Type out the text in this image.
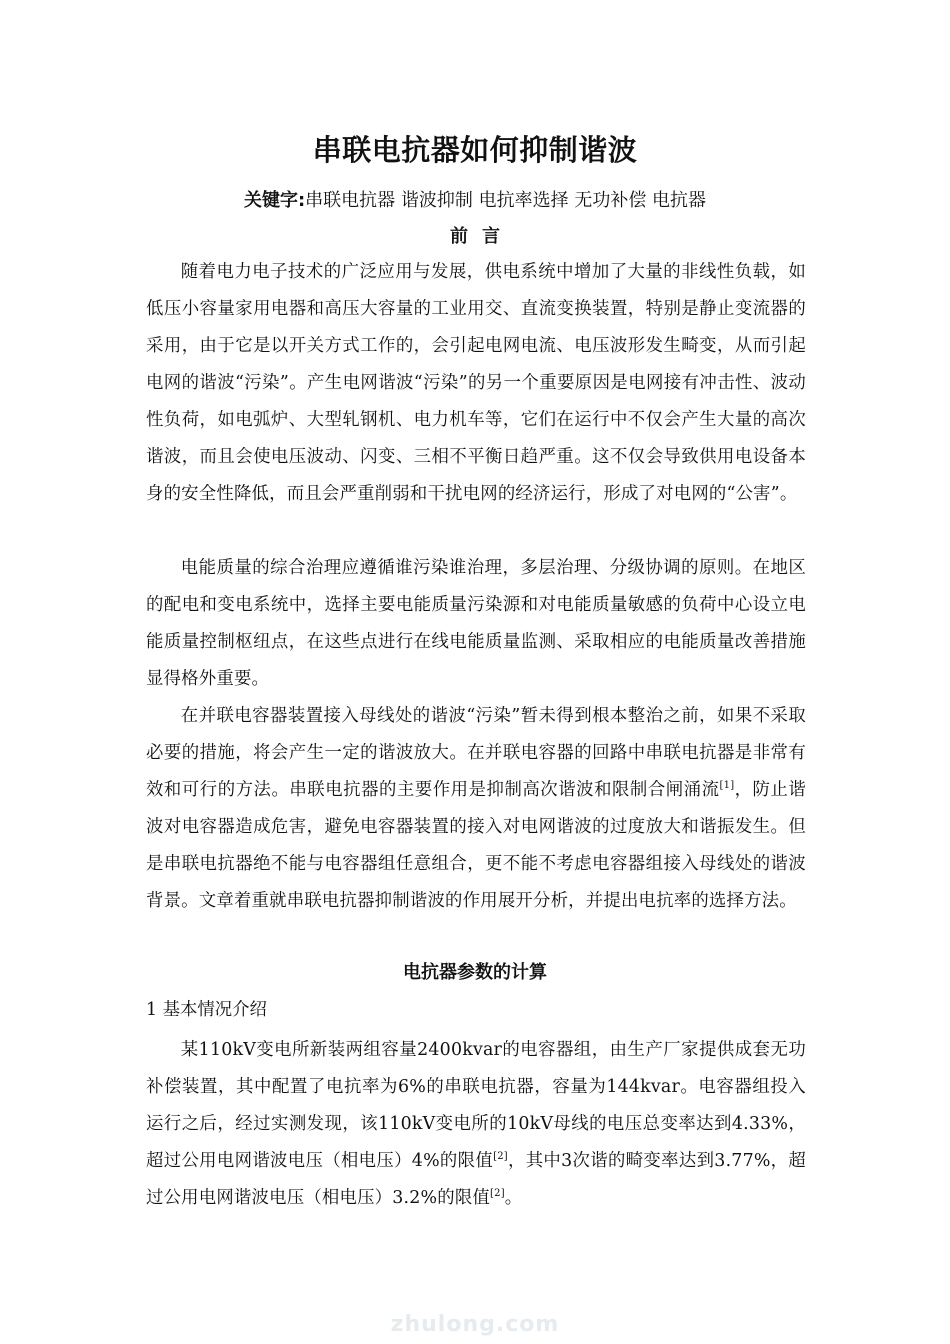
串联电抗器如何抑制谐波
关键字:串联电抗器 谐波抑制 电抗率选择 无功补偿 电抗器
前言

随着电力电子技术的广泛应用与发展，供电系统中增加了大量的非线性负载，如低压小容量家用电器和高压大容量的工业用交、直流变换装置，特别是静止变流器的采用，由于它是以开关方式工作的，会引起电网电流、电压波形发生畸变，从而引起电网的谐波“污染”。产生电网谐波“污染”的另一个重要原因是电网接有冲击性、波动性负荷，如电弧炉、大型轧钢机、电力机车等，它们在运行中不仅会产生大量的高次谐波，而且会使电压波动、闪变、三相不平衡日趋严重。这不仅会导致供用电设备本身的安全性降低，而且会严重削弱和干扰电网的经济运行，形成了对电网的“公害”。

电能质量的综合治理应遵循谁污染谁治理，多层治理、分级协调的原则。在地区的配电和变电系统中，选择主要电能质量污染源和对电能质量敏感的负荷中心设立电能质量控制枢纽点，在这些点进行在线电能质量监测、采取相应的电能质量改善措施显得格外重要。

在并联电容器装置接入母线处的谐波“污染”暂未得到根本整治之前，如果不采取必要的措施，将会产生一定的谐波放大。在并联电容器的回路中串联电抗器是非常有效和可行的方法。串联电抗器的主要作用是抑制高次谐波和限制合闸涌流[1]，防止谐波对电容器造成危害，避免电容器装置的接入对电网谐波的过度放大和谐振发生。但是串联电抗器绝不能与电容器组任意组合，更不能不考虑电容器组接入母线处的谐波背景。文章着重就串联电抗器抑制谐波的作用展开分析，并提出电抗率的选择方法。

电抗器参数的计算
1 基本情况介绍

某110kV变电所新装两组容量2400kvar的电容器组，由生产厂家提供成套无功补偿装置，其中配置了电抗率为6%的串联电抗器，容量为144kvar。电容器组投入运行之后，经过实测发现，该110kV变电所的10kV母线的电压总变率达到4.33%，超过公用电网谐波电压（相电压）4%的限值[2]，其中3次谐的畸变率达到3.77%，超过公用电网谐波电压（相电压）3.2%的限值[2]。

zhulong.com
